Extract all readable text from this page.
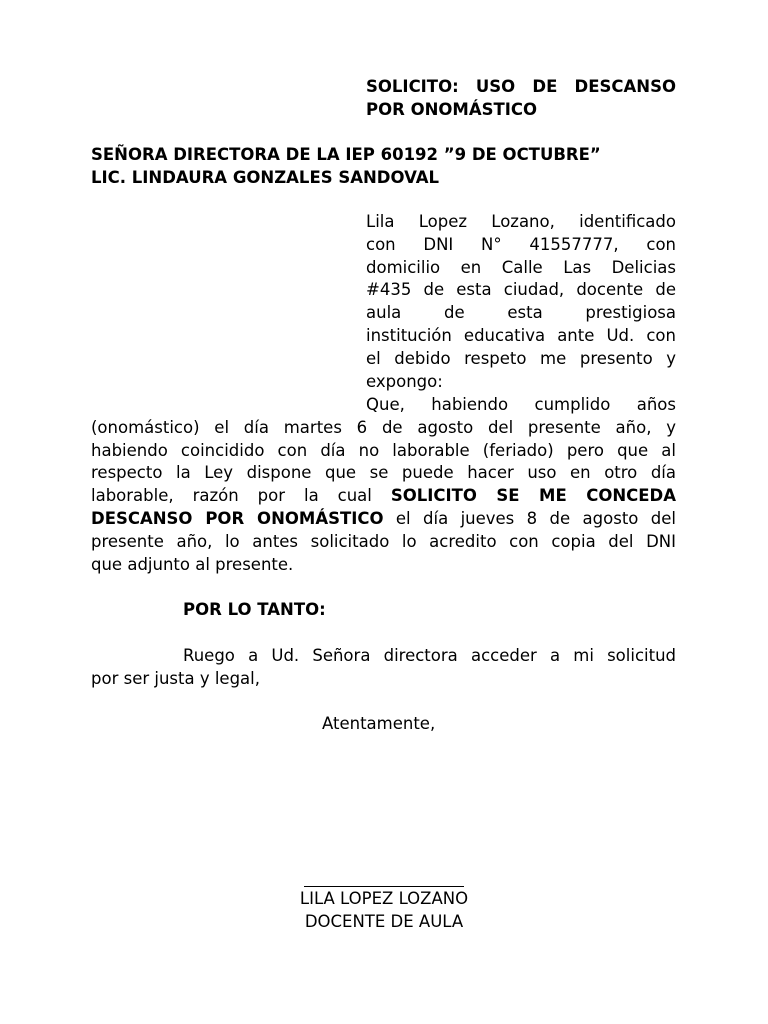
SOLICITO: USO DE DESCANSO
POR ONOMÁSTICO
SEÑORA DIRECTORA DE LA IEP 60192 ”9 DE OCTUBRE”
LIC. LINDAURA GONZALES SANDOVAL
Lila Lopez Lozano, identificado
con DNI N° 41557777, con
domicilio en Calle Las Delicias
#435 de esta ciudad, docente de
aula de esta prestigiosa
institución educativa ante Ud. con
el debido respeto me presento y
expongo:
Que, habiendo cumplido años
(onomástico) el día martes 6 de agosto del presente año, y
habiendo coincidido con día no laborable (feriado) pero que al
respecto la Ley dispone que se puede hacer uso en otro día
laborable, razón por la cual SOLICITO SE ME CONCEDA
DESCANSO POR ONOMÁSTICO el día jueves 8 de agosto del
presente año, lo antes solicitado lo acredito con copia del DNI
que adjunto al presente.
POR LO TANTO:
Ruego a Ud. Señora directora acceder a mi solicitud
por ser justa y legal,
Atentamente,
LILA LOPEZ LOZANO
DOCENTE DE AULA
